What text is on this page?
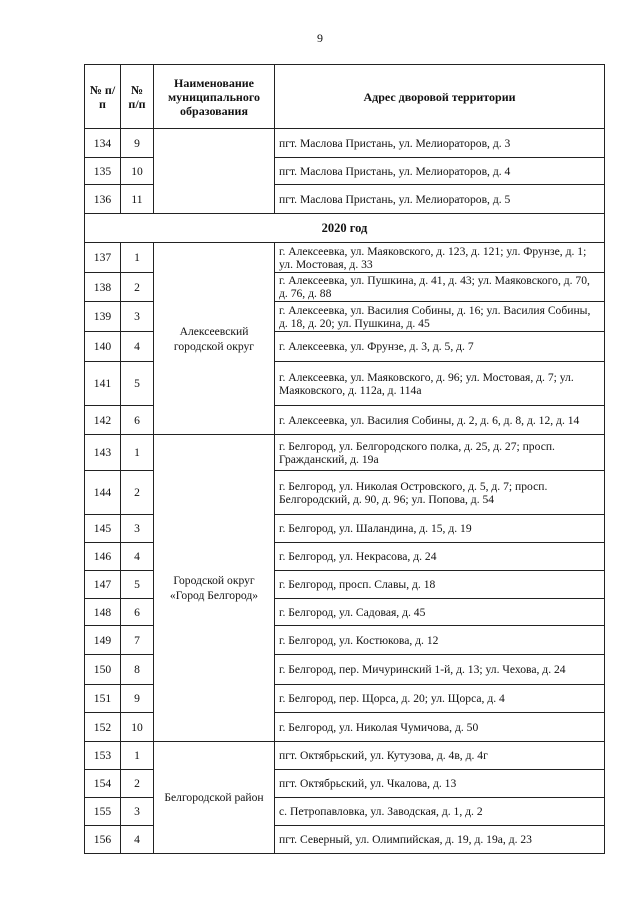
9
№ п/п	№ п/п	Наименование муниципального образования	Адрес дворовой территории
134	9		пгт. Маслова Пристань, ул. Мелиораторов, д. 3
135	10		пгт. Маслова Пристань, ул. Мелиораторов, д. 4
136	11		пгт. Маслова Пристань, ул. Мелиораторов, д. 5
2020 год			
137	1	Алексеевский городской округ	г. Алексеевка, ул. Маяковского, д. 123, д. 121; ул. Фрунзе, д. 1; ул. Мостовая, д. 33
138	2		г. Алексеевка, ул. Пушкина, д. 41, д. 43; ул. Маяковского, д. 70, д. 76, д. 88
139	3		г. Алексеевка, ул. Василия Собины, д. 16; ул. Василия Собины, д. 18, д. 20; ул. Пушкина, д. 45
140	4		г. Алексеевка, ул. Фрунзе, д. 3, д. 5, д. 7
141	5		г. Алексеевка, ул. Маяковского, д. 96; ул. Мостовая, д. 7; ул. Маяковского, д. 112а, д. 114а
142	6		г. Алексеевка, ул. Василия Собины, д. 2, д. 6, д. 8, д. 12, д. 14
143	1	Городской округ «Город Белгород»	г. Белгород, ул. Белгородского полка, д. 25, д. 27; просп. Гражданский, д. 19а
144	2		г. Белгород, ул. Николая Островского, д. 5, д. 7; просп. Белгородский, д. 90, д. 96; ул. Попова, д. 54
145	3		г. Белгород, ул. Шаландина, д. 15, д. 19
146	4		г. Белгород, ул. Некрасова, д. 24
147	5		г. Белгород, просп. Славы, д. 18
148	6		г. Белгород, ул. Садовая, д. 45
149	7		г. Белгород, ул. Костюкова, д. 12
150	8		г. Белгород, пер. Мичуринский 1-й, д. 13; ул. Чехова, д. 24
151	9		г. Белгород, пер. Щорса, д. 20; ул. Щорса, д. 4
152	10		г. Белгород, ул. Николая Чумичова, д. 50
153	1	Белгородской район	пгт. Октябрьский, ул. Кутузова, д. 4в, д. 4г
154	2		пгт. Октябрьский, ул. Чкалова, д. 13
155	3		с. Петропавловка, ул. Заводская, д. 1, д. 2
156	4		пгт. Северный, ул. Олимпийская, д. 19, д. 19а, д. 23
